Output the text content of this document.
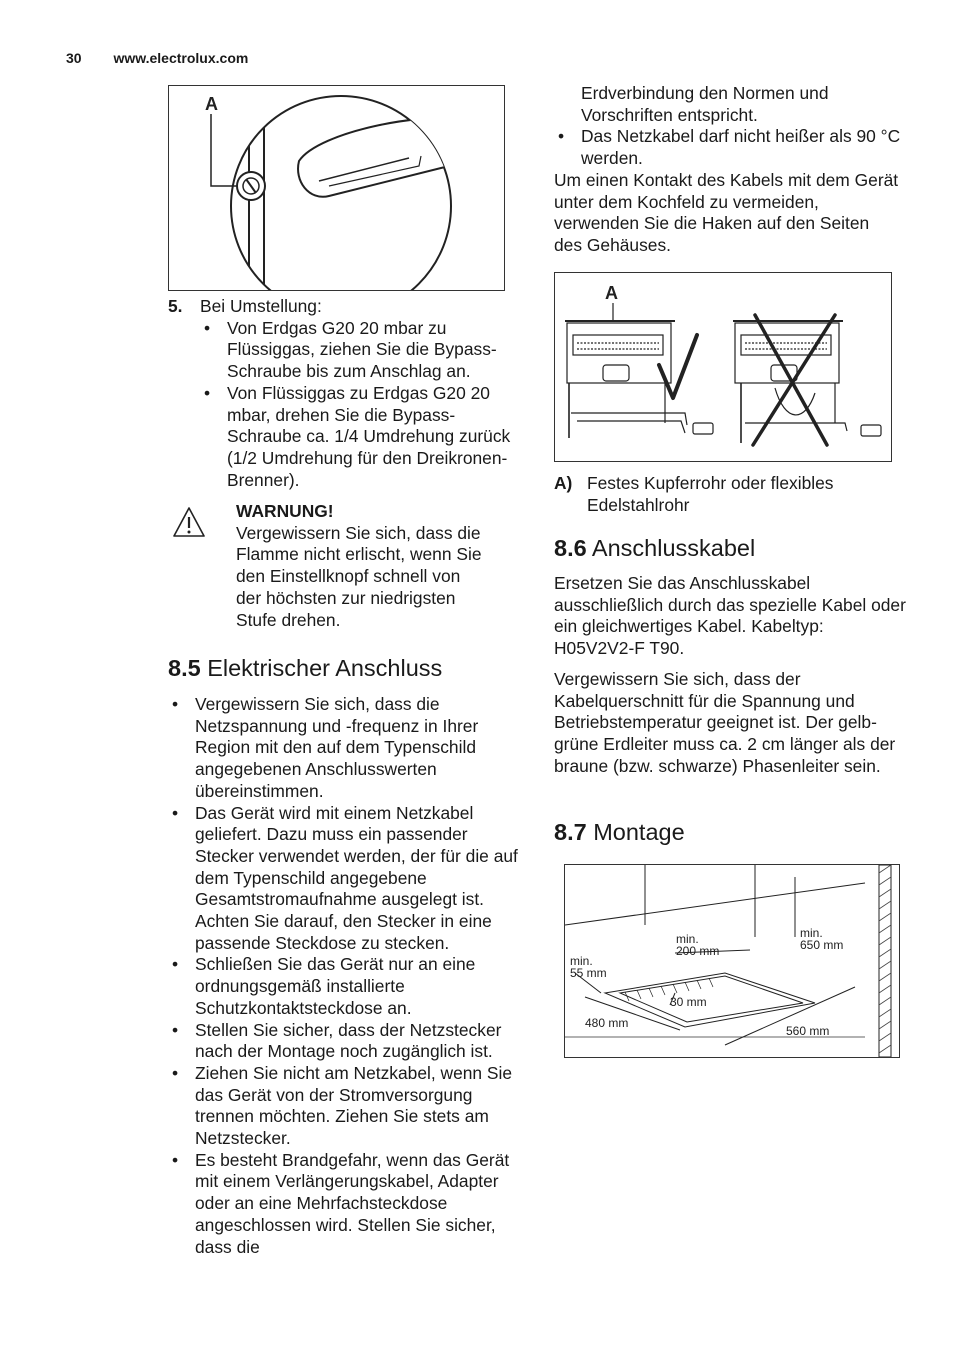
30 www.electrolux.com
A
5. Bei Umstellung:
• Von Erdgas G20 20 mbar zu Flüssiggas, ziehen Sie die Bypass-Schraube bis zum Anschlag an.
• Von Flüssiggas zu Erdgas G20 20 mbar, drehen Sie die Bypass-Schraube ca. 1/4 Umdrehung zurück (1/2 Umdrehung für den Dreikronen-Brenner).
WARNUNG!
Vergewissern Sie sich, dass die Flamme nicht erlischt, wenn Sie den Einstellknopf schnell von der höchsten zur niedrigsten Stufe drehen.
8.5 Elektrischer Anschluss
• Vergewissern Sie sich, dass die Netzspannung und -frequenz in Ihrer Region mit den auf dem Typenschild angegebenen Anschlusswerten übereinstimmen.
• Das Gerät wird mit einem Netzkabel geliefert. Dazu muss ein passender Stecker verwendet werden, der für die auf dem Typenschild angegebene Gesamtstromaufnahme ausgelegt ist. Achten Sie darauf, den Stecker in eine passende Steckdose zu stecken.
• Schließen Sie das Gerät nur an eine ordnungsgemäß installierte Schutzkontaktsteckdose an.
• Stellen Sie sicher, dass der Netzstecker nach der Montage noch zugänglich ist.
• Ziehen Sie nicht am Netzkabel, wenn Sie das Gerät von der Stromversorgung trennen möchten. Ziehen Sie stets am Netzstecker.
• Es besteht Brandgefahr, wenn das Gerät mit einem Verlängerungskabel, Adapter oder an eine Mehrfachsteckdose angeschlossen wird. Stellen Sie sicher, dass die
Erdverbindung den Normen und Vorschriften entspricht.
• Das Netzkabel darf nicht heißer als 90 °C werden.
Um einen Kontakt des Kabels mit dem Gerät unter dem Kochfeld zu vermeiden, verwenden Sie die Haken auf den Seiten des Gehäuses.
A
A) Festes Kupferrohr oder flexibles Edelstahlrohr
8.6 Anschlusskabel
Ersetzen Sie das Anschlusskabel ausschließlich durch das spezielle Kabel oder ein gleichwertiges Kabel. Kabeltyp: H05V2V2-F T90.
Vergewissern Sie sich, dass der Kabelquerschnitt für die Spannung und Betriebstemperatur geeignet ist. Der gelb-grüne Erdleiter muss ca. 2 cm länger als der braune (bzw. schwarze) Phasenleiter sein.
8.7 Montage
min.
200 mm
min.
650 mm
min.
55 mm
30 mm
480 mm
560 mm
